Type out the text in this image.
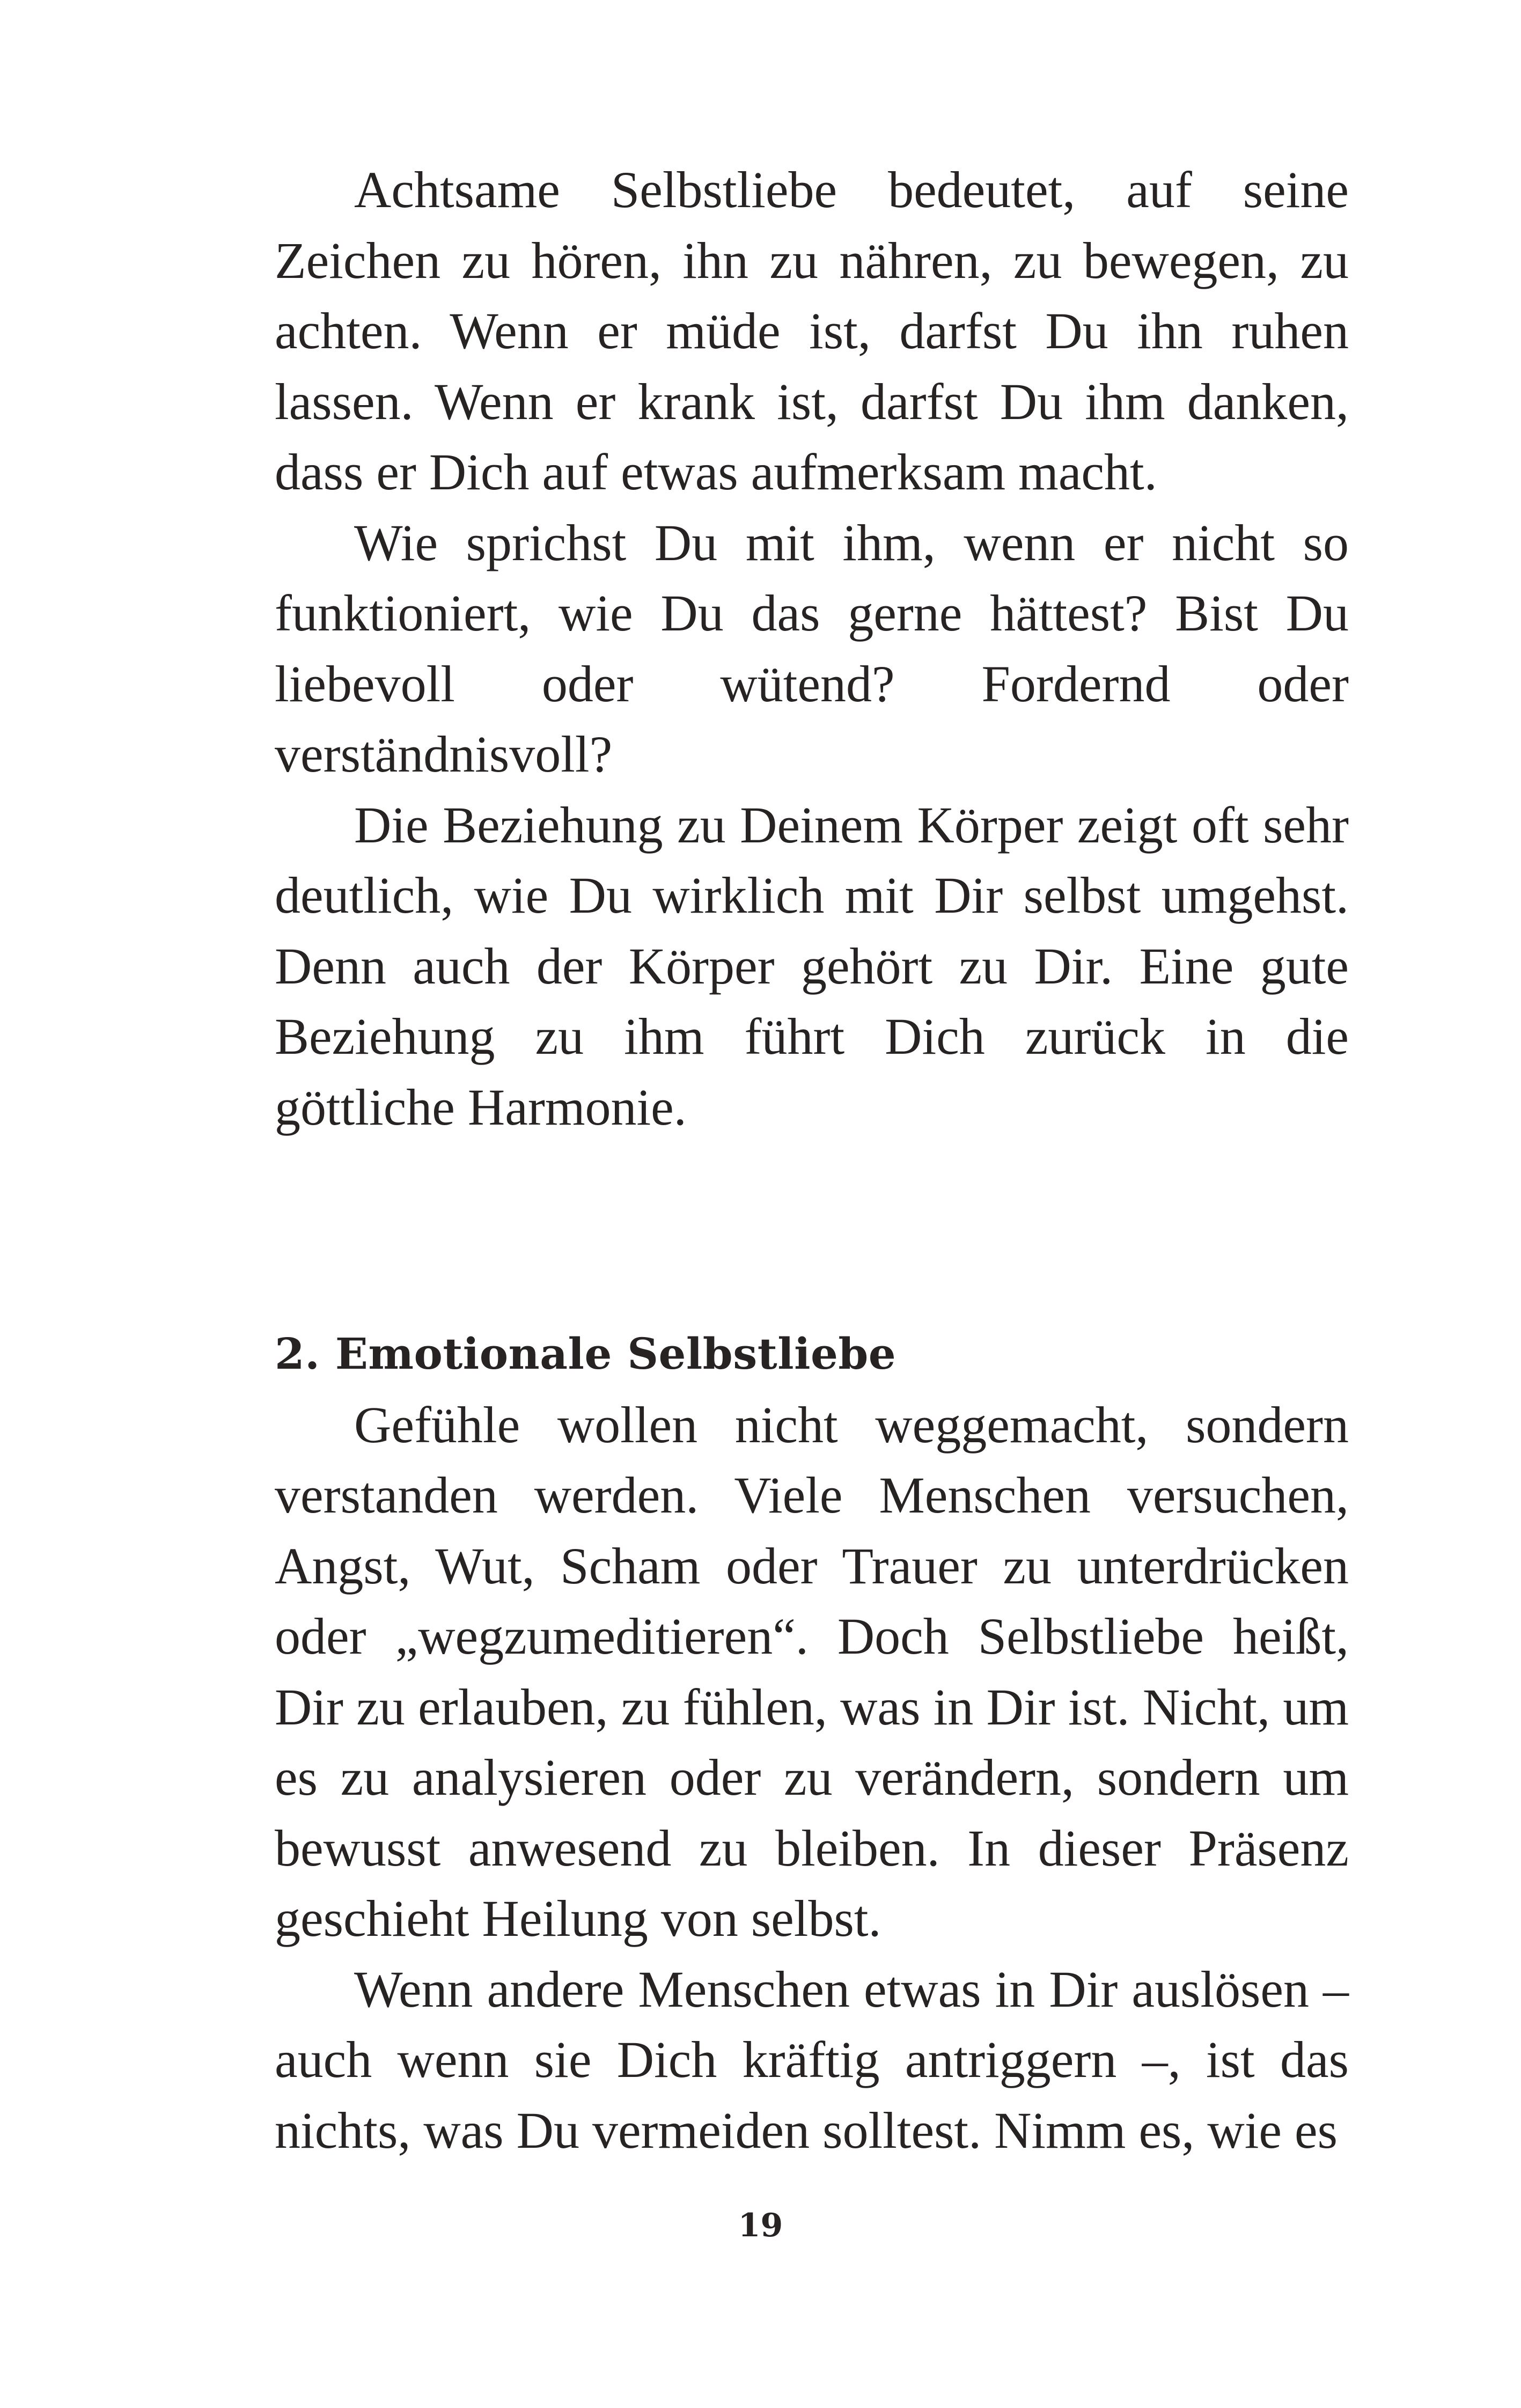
Achtsame Selbstliebe bedeutet, auf seine Zeichen zu hören, ihn zu nähren, zu bewegen, zu achten. Wenn er müde ist, darfst Du ihn ruhen lassen. Wenn er krank ist, darfst Du ihm danken, dass er Dich auf etwas aufmerksam macht.

Wie sprichst Du mit ihm, wenn er nicht so funktioniert, wie Du das gerne hättest? Bist Du liebevoll oder wütend? Fordernd oder verständnisvoll?

Die Beziehung zu Deinem Körper zeigt oft sehr deutlich, wie Du wirklich mit Dir selbst umgehst. Denn auch der Körper gehört zu Dir. Eine gute Beziehung zu ihm führt Dich zurück in die göttliche Harmonie.

2. Emotionale Selbstliebe

Gefühle wollen nicht weggemacht, sondern verstanden werden. Viele Menschen versuchen, Angst, Wut, Scham oder Trauer zu unterdrücken oder „wegzumeditieren“. Doch Selbstliebe heißt, Dir zu erlauben, zu fühlen, was in Dir ist. Nicht, um es zu analysieren oder zu verändern, sondern um bewusst anwesend zu bleiben. In dieser Präsenz geschieht Heilung von selbst.

Wenn andere Menschen etwas in Dir auslösen – auch wenn sie Dich kräftig antriggern –, ist das nichts, was Du vermeiden solltest. Nimm es, wie es

19
